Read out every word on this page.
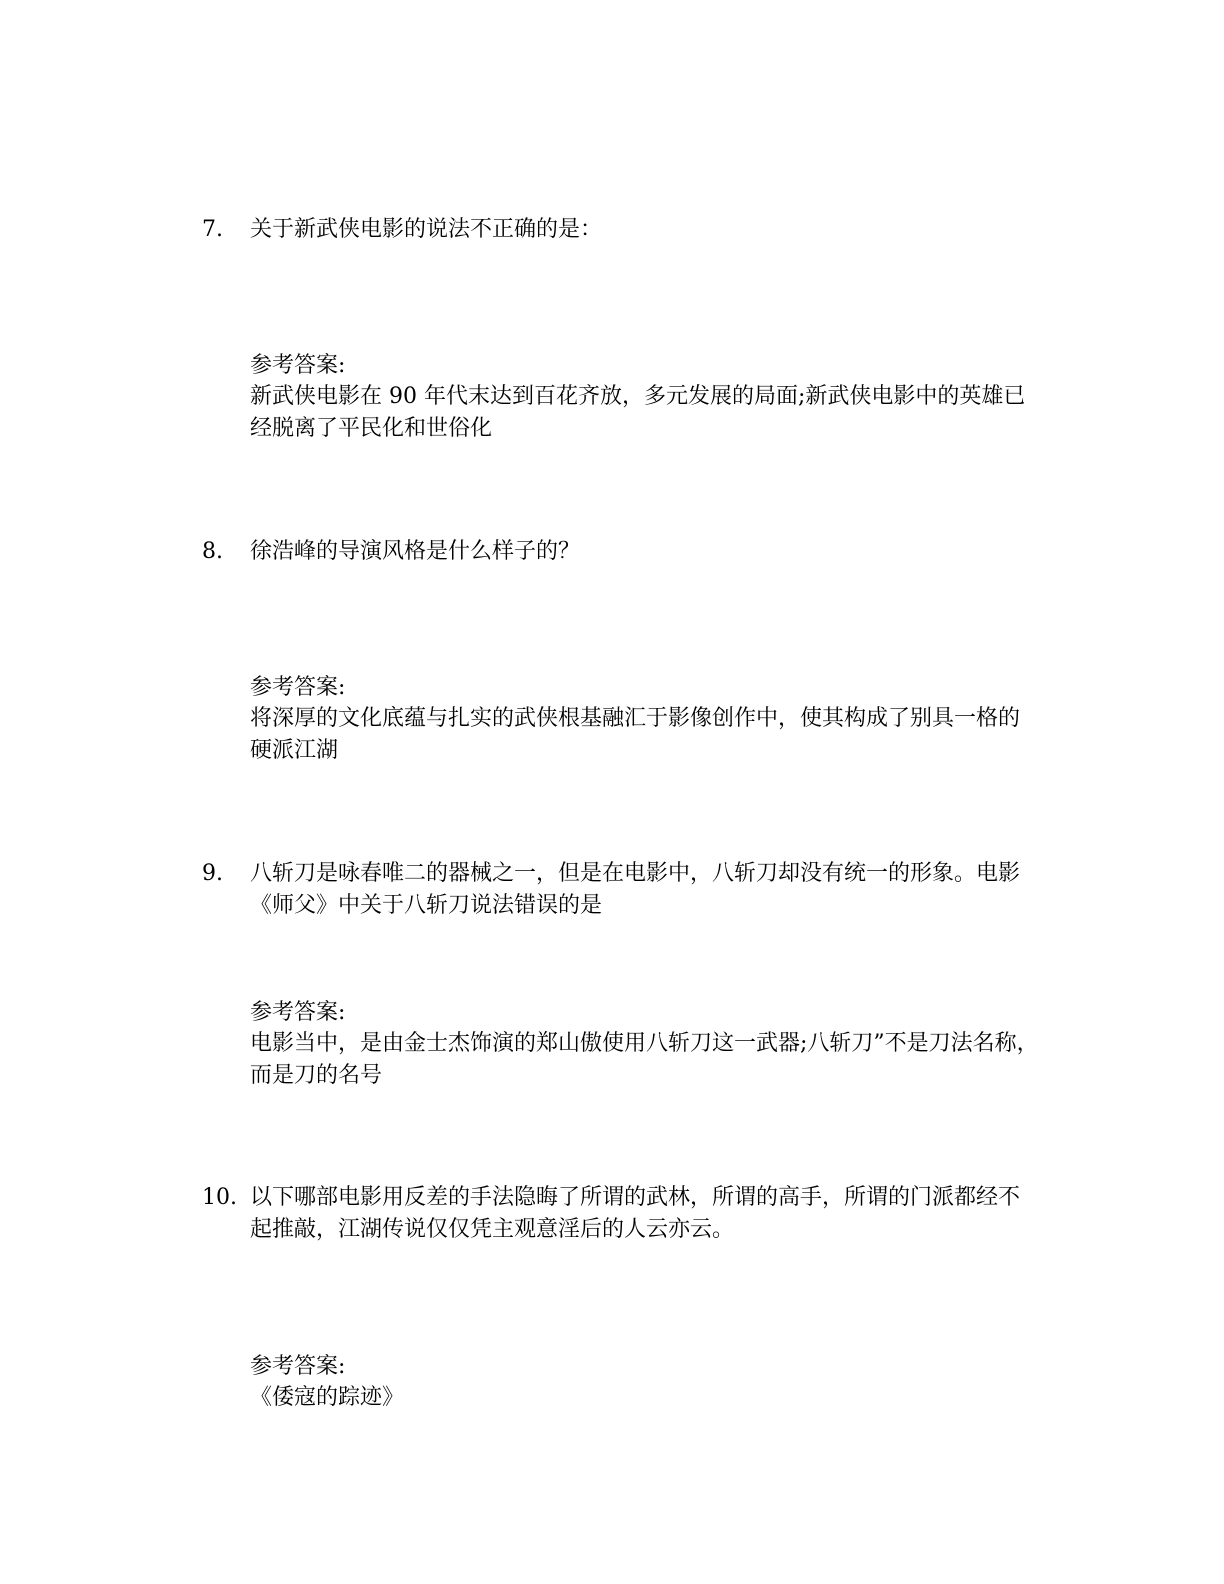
7. 关于新武侠电影的说法不正确的是：
参考答案:
新武侠电影在 90 年代末达到百花齐放，多元发展的局面;新武侠电影中的英雄已经脱离了平民化和世俗化
8. 徐浩峰的导演风格是什么样子的？
参考答案:
将深厚的文化底蕴与扎实的武侠根基融汇于影像创作中，使其构成了别具一格的硬派江湖
9. 八斩刀是咏春唯二的器械之一，但是在电影中，八斩刀却没有统一的形象。电影《师父》中关于八斩刀说法错误的是
参考答案:
电影当中，是由金士杰饰演的郑山傲使用八斩刀这一武器;八斩刀”不是刀法名称，而是刀的名号
10. 以下哪部电影用反差的手法隐晦了所谓的武林，所谓的高手，所谓的门派都经不起推敲，江湖传说仅仅凭主观意淫后的人云亦云。
参考答案:
《倭寇的踪迹》
